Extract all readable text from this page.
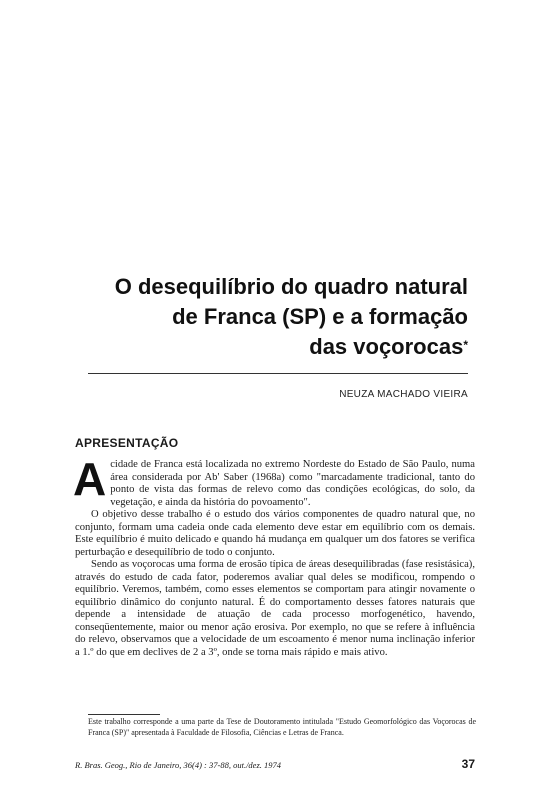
O desequilíbrio do quadro natural
de Franca (SP) e a formação
das voçorocas*
NEUZA MACHADO VIEIRA
APRESENTAÇÃO

Acidade de Franca está localizada no extremo Nordeste do Estado de São Paulo, numa área considerada por Ab' Saber (1968a) como "marcadamente tradicional, tanto do ponto de vista das formas de relevo como das condições ecológicas, do solo, da vegetação, e ainda da história do povoamento".

O objetivo desse trabalho é o estudo dos vários componentes de quadro natural que, no conjunto, formam uma cadeia onde cada elemento deve estar em equilíbrio com os demais. Este equilíbrio é muito delicado e quando há mudança em qualquer um dos fatores se verifica perturbação e desequilíbrio de todo o conjunto.

Sendo as voçorocas uma forma de erosão típica de áreas desequilibradas (fase resistásica), através do estudo de cada fator, poderemos avaliar qual deles se modificou, rompendo o equilíbrio. Veremos, também, como esses elementos se comportam para atingir novamente o equilíbrio dinâmico do conjunto natural. É do comportamento desses fatores naturais que depende a intensidade de atuação de cada processo morfogenético, havendo, conseqüentemente, maior ou menor ação erosiva. Por exemplo, no que se refere à influência do relevo, observamos que a velocidade de um escoamento é menor numa inclinação inferior a 1.º do que em declives de 2 a 3º, onde se torna mais rápido e mais ativo.

Este trabalho corresponde a uma parte da Tese de Doutoramento intitulada "Estudo Geomorfológico das Voçorocas de Franca (SP)" apresentada à Faculdade de Filosofia, Ciências e Letras de Franca.
R. Bras. Geog., Rio de Janeiro, 36(4) : 37-88, out./dez. 1974	37
